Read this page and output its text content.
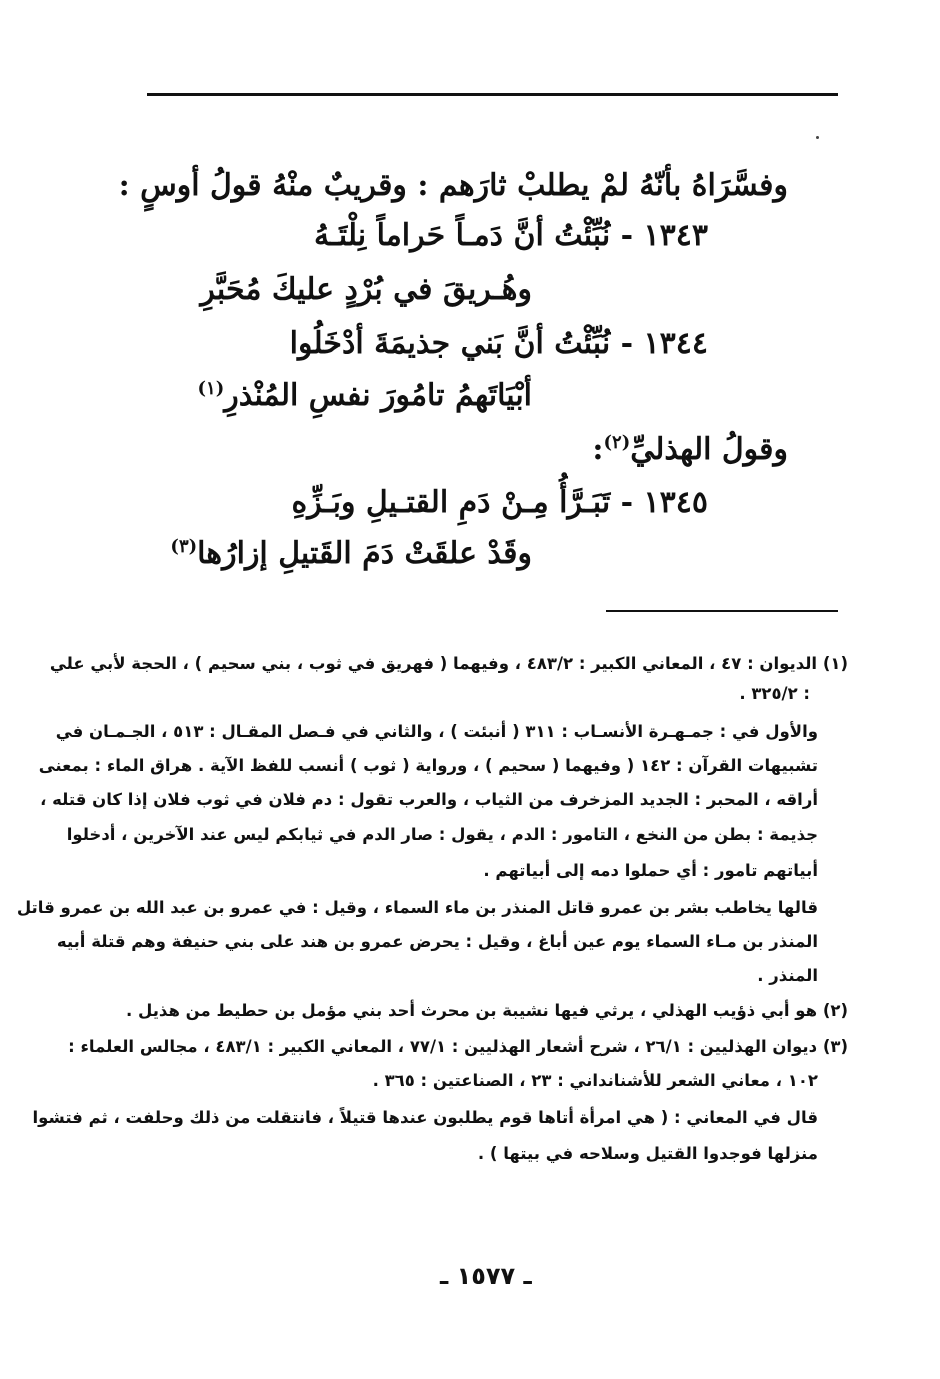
وفسَّرَاهُ بأنّهُ لمْ يطلبْ ثارَهم : وقريبٌ منْهُ قولُ أوسٍ :
١٣٤٣ - نُبِّئْتُ أنَّ دَمـاً حَراماً نِلْتَـهُ
وهُـريقَ في بُرْدٍ عليكَ مُحَبَّرِ
١٣٤٤ - نُبِّئْتُ أنَّ بَني جذيمَةَ أدْخَلُوا
أبْيَاتَهمُ تامُورَ نفسِ المُنْذرِ$^{(١)}$
وقولُ الهذليِّ$^{(٢)}$:
١٣٤٥ - تَبَـرَّأُ مِـنْ دَمِ القتـيلِ وبَـزِّهِ
وقَدْ علقَتْ دَمَ القَتيلِ إزارُها$^{(٣)}$
(١) الديوان : ٤٧ ، المعاني الكبير : ٤٨٣/٢ ، وفيهما ( فهريق في ثوب ، بني سحيم ) ، الحجة لأبي علي
: ٣٢٥/٢ .
والأول في : جمـهـرة الأنسـاب : ٣١١ ( أنبئت ) ، والثاني في فـصل المقـال : ٥١٣ ، الجـمـان في
تشبيهات القرآن : ١٤٢ ( وفيهما ( سحيم ) ، ورواية ( ثوب ) أنسب للفظ الآية . هراق الماء : بمعنى
أراقه ، المحبر : الجديد المزخرف من الثياب ، والعرب تقول : دم فلان في ثوب فلان إذا كان قتله ،
جذيمة : بطن من النخع ، التامور : الدم ، يقول : صار الدم في ثيابكم ليس عند الآخرين ، أدخلوا
أبياتهم تامور : أي حملوا دمه إلى أبياتهم .
قالها يخاطب بشر بن عمرو قاتل المنذر بن ماء السماء ، وقيل : في عمرو بن عبد الله بن عمرو قاتل
المنذر بن مـاء السماء يوم عين أباغ ، وقيل : يحرض عمرو بن هند على بني حنيفة وهم قتلة أبيه
المنذر .
(٢) هو أبي ذؤيب الهذلي ، يرثي فيها نشيبة بن محرث أحد بني مؤمل بن حطيط من هذيل .
(٣) ديوان الهذليين : ٢٦/١ ، شرح أشعار الهذليين : ٧٧/١ ، المعاني الكبير : ٤٨٣/١ ، مجالس العلماء :
١٠٢ ، معاني الشعر للأشنانداني : ٢٣ ، الصناعتين : ٣٦٥ .
قال في المعاني : ( هي امرأة أتاها قوم يطلبون عندها قتيلاً ، فانتقلت من ذلك وحلفت ، ثم فتشوا
منزلها فوجدوا القتيل وسلاحه في بيتها ) .
ـ ١٥٧٧ ـ
